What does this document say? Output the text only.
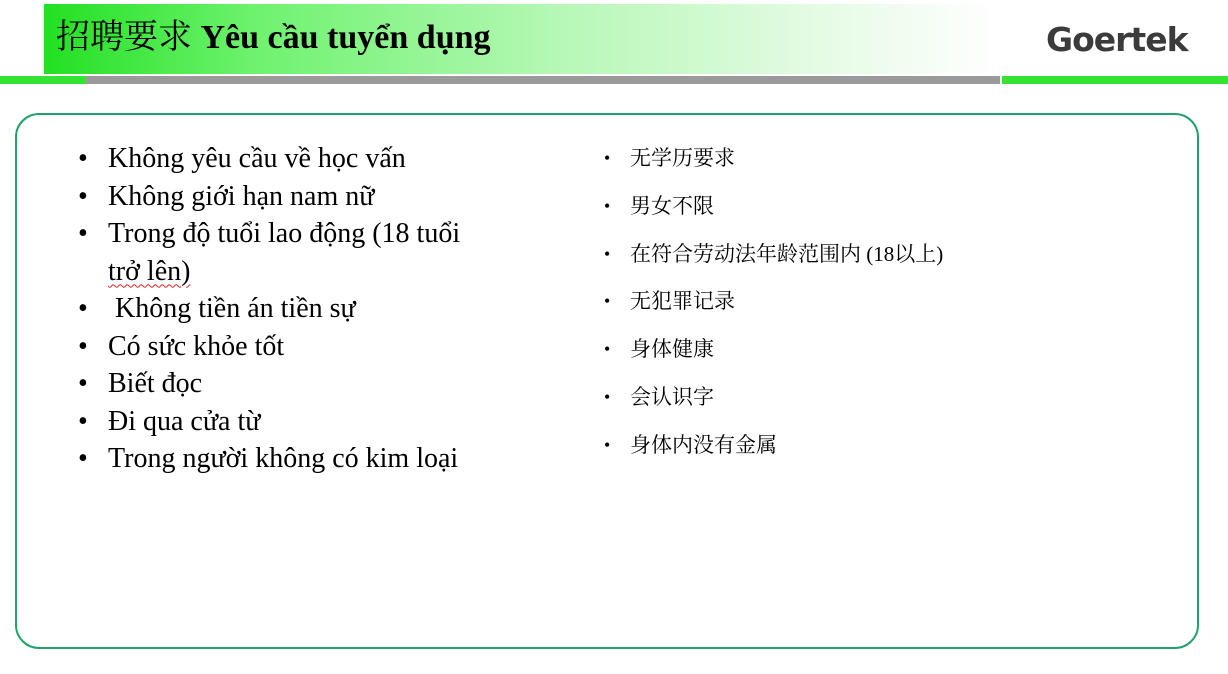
招聘要求 Yêu cầu tuyển dụng	Goertek
• Không yêu cầu về học vấn
• Không giới hạn nam nữ
• Trong độ tuổi lao động (18 tuổi
trở lên)
•  Không tiền án tiền sự
• Có sức khỏe tốt
• Biết đọc
• Đi qua cửa từ
• Trong người không có kim loại
• 无学历要求
• 男女不限
• 在符合劳动法年龄范围内 (18以上)
• 无犯罪记录
• 身体健康
• 会认识字
• 身体内没有金属
